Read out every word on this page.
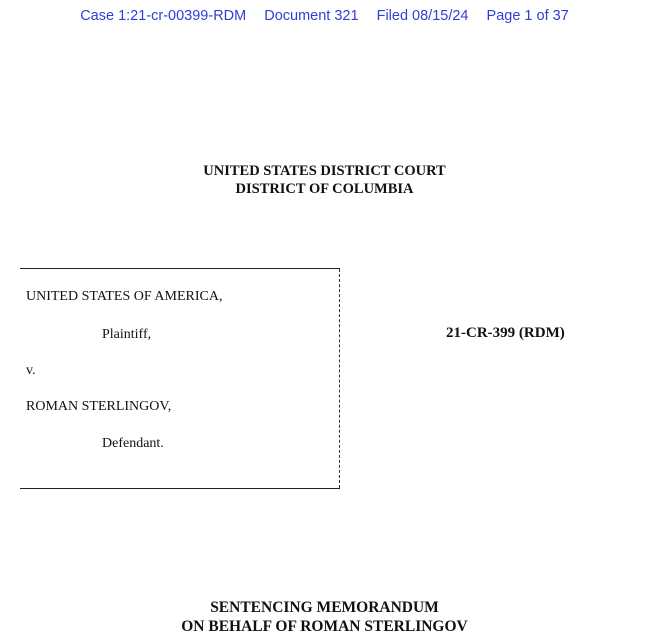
Case 1:21-cr-00399-RDM Document 321 Filed 08/15/24 Page 1 of 37
UNITED STATES DISTRICT COURT
DISTRICT OF COLUMBIA
UNITED STATES OF AMERICA,
Plaintiff,
v.
ROMAN STERLINGOV,
Defendant.
21-CR-399 (RDM)
SENTENCING MEMORANDUM
ON BEHALF OF ROMAN STERLINGOV
